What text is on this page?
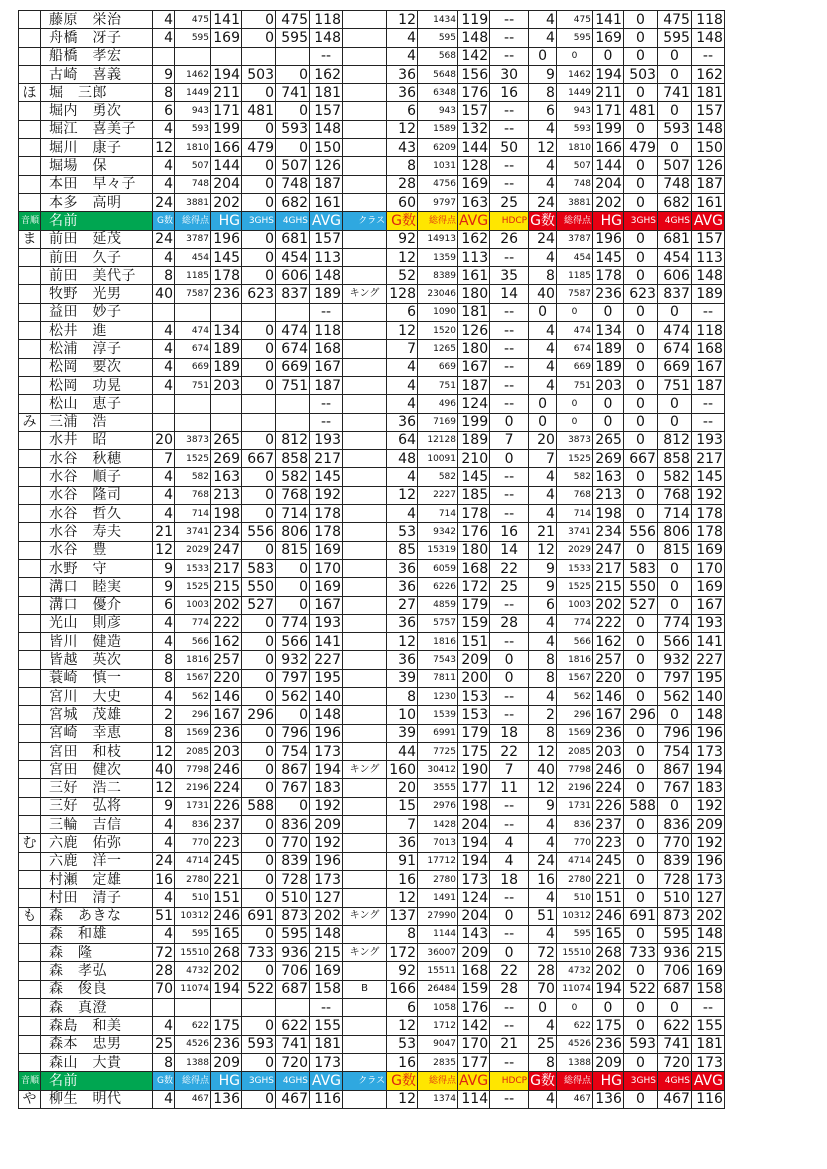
	藤原　栄治	4	475	141	0	475	118		12	1434	119	--	4	475	141	0	475	118
	舟橋　冴子	4	595	169	0	595	148		4	595	148	--	4	595	169	0	595	148
	船橋　孝宏						--		4	568	142	--	0	0	0	0	0	--
	古崎　喜義	9	1462	194	503	0	162		36	5648	156	30	9	1462	194	503	0	162
ほ	堀　三郎	8	1449	211	0	741	181		36	6348	176	16	8	1449	211	0	741	181
	堀内　勇次	6	943	171	481	0	157		6	943	157	--	6	943	171	481	0	157
	堀江　喜美子	4	593	199	0	593	148		12	1589	132	--	4	593	199	0	593	148
	堀川　康子	12	1810	166	479	0	150		43	6209	144	50	12	1810	166	479	0	150
	堀場　保	4	507	144	0	507	126		8	1031	128	--	4	507	144	0	507	126
	本田　早々子	4	748	204	0	748	187		28	4756	169	--	4	748	204	0	748	187
	本多　高明	24	3881	202	0	682	161		60	9797	163	25	24	3881	202	0	682	161
音順	名前	G数	総得点	HG	3GHS	4GHS	AVG	クラス	G数	総得点	AVG	HDCP	G数	総得点	HG	3GHS	4GHS	AVG
ま	前田　延茂	24	3787	196	0	681	157		92	14913	162	26	24	3787	196	0	681	157
	前田　久子	4	454	145	0	454	113		12	1359	113	--	4	454	145	0	454	113
	前田　美代子	8	1185	178	0	606	148		52	8389	161	35	8	1185	178	0	606	148
	牧野　光男	40	7587	236	623	837	189	キング	128	23046	180	14	40	7587	236	623	837	189
	益田　妙子						--		6	1090	181	--	0	0	0	0	0	--
	松井　進	4	474	134	0	474	118		12	1520	126	--	4	474	134	0	474	118
	松浦　淳子	4	674	189	0	674	168		7	1265	180	--	4	674	189	0	674	168
	松岡　要次	4	669	189	0	669	167		4	669	167	--	4	669	189	0	669	167
	松岡　功晃	4	751	203	0	751	187		4	751	187	--	4	751	203	0	751	187
	松山　恵子						--		4	496	124	--	0	0	0	0	0	--
み	三浦　浩						--		36	7169	199	0	0	0	0	0	0	--
	水井　昭	20	3873	265	0	812	193		64	12128	189	7	20	3873	265	0	812	193
	水谷　秋穂	7	1525	269	667	858	217		48	10091	210	0	7	1525	269	667	858	217
	水谷　順子	4	582	163	0	582	145		4	582	145	--	4	582	163	0	582	145
	水谷　隆司	4	768	213	0	768	192		12	2227	185	--	4	768	213	0	768	192
	水谷　哲久	4	714	198	0	714	178		4	714	178	--	4	714	198	0	714	178
	水谷　寿夫	21	3741	234	556	806	178		53	9342	176	16	21	3741	234	556	806	178
	水谷　豊	12	2029	247	0	815	169		85	15319	180	14	12	2029	247	0	815	169
	水野　守	9	1533	217	583	0	170		36	6059	168	22	9	1533	217	583	0	170
	溝口　睦実	9	1525	215	550	0	169		36	6226	172	25	9	1525	215	550	0	169
	溝口　優介	6	1003	202	527	0	167		27	4859	179	--	6	1003	202	527	0	167
	光山　則彦	4	774	222	0	774	193		36	5757	159	28	4	774	222	0	774	193
	皆川　健造	4	566	162	0	566	141		12	1816	151	--	4	566	162	0	566	141
	皆越　英次	8	1816	257	0	932	227		36	7543	209	0	8	1816	257	0	932	227
	蓑崎　慎一	8	1567	220	0	797	195		39	7811	200	0	8	1567	220	0	797	195
	宮川　大史	4	562	146	0	562	140		8	1230	153	--	4	562	146	0	562	140
	宮城　茂雄	2	296	167	296	0	148		10	1539	153	--	2	296	167	296	0	148
	宮崎　幸恵	8	1569	236	0	796	196		39	6991	179	18	8	1569	236	0	796	196
	宮田　和枝	12	2085	203	0	754	173		44	7725	175	22	12	2085	203	0	754	173
	宮田　健次	40	7798	246	0	867	194	キング	160	30412	190	7	40	7798	246	0	867	194
	三好　浩二	12	2196	224	0	767	183		20	3555	177	11	12	2196	224	0	767	183
	三好　弘将	9	1731	226	588	0	192		15	2976	198	--	9	1731	226	588	0	192
	三輪　吉信	4	836	237	0	836	209		7	1428	204	--	4	836	237	0	836	209
む	六鹿　佑弥	4	770	223	0	770	192		36	7013	194	4	4	770	223	0	770	192
	六鹿　洋一	24	4714	245	0	839	196		91	17712	194	4	24	4714	245	0	839	196
	村瀬　定雄	16	2780	221	0	728	173		16	2780	173	18	16	2780	221	0	728	173
	村田　清子	4	510	151	0	510	127		12	1491	124	--	4	510	151	0	510	127
も	森　あきな	51	10312	246	691	873	202	キング	137	27990	204	0	51	10312	246	691	873	202
	森　和雄	4	595	165	0	595	148		8	1144	143	--	4	595	165	0	595	148
	森　隆	72	15510	268	733	936	215	キング	172	36007	209	0	72	15510	268	733	936	215
	森　孝弘	28	4732	202	0	706	169		92	15511	168	22	28	4732	202	0	706	169
	森　俊良	70	11074	194	522	687	158	B	166	26484	159	28	70	11074	194	522	687	158
	森　真澄						--		6	1058	176	--	0	0	0	0	0	--
	森島　和美	4	622	175	0	622	155		12	1712	142	--	4	622	175	0	622	155
	森本　忠男	25	4526	236	593	741	181		53	9047	170	21	25	4526	236	593	741	181
	森山　大貴	8	1388	209	0	720	173		16	2835	177	--	8	1388	209	0	720	173
音順	名前	G数	総得点	HG	3GHS	4GHS	AVG	クラス	G数	総得点	AVG	HDCP	G数	総得点	HG	3GHS	4GHS	AVG
や	柳生　明代	4	467	136	0	467	116		12	1374	114	--	4	467	136	0	467	116
